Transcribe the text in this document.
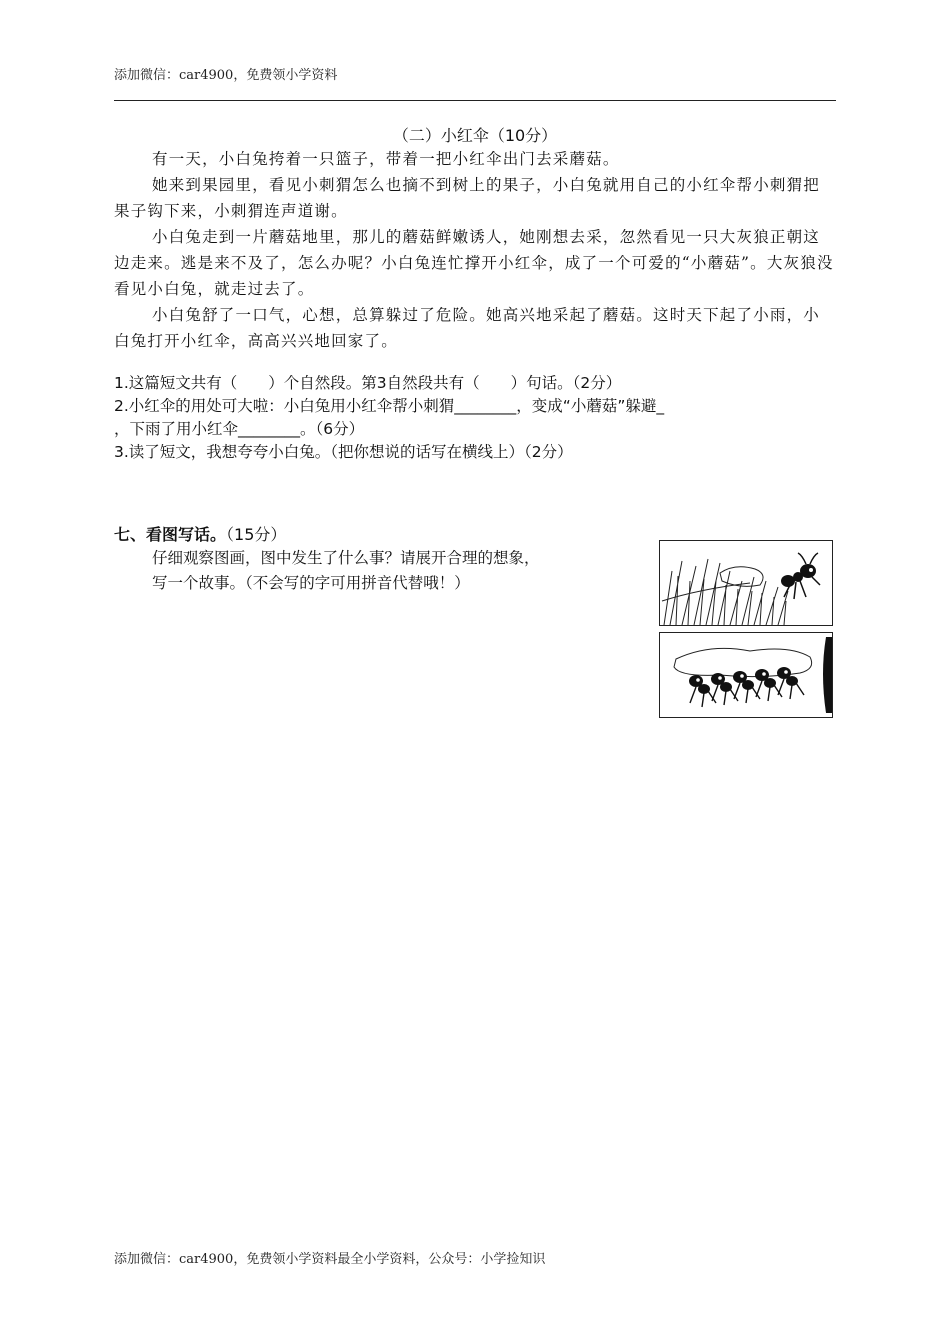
添加微信：car4900，免费领小学资料
（二）小红伞（10分）

有一天，小白兔挎着一只篮子，带着一把小红伞出门去采蘑菇。

她来到果园里，看见小刺猬怎么也摘不到树上的果子，小白兔就用自己的小红伞帮小刺猬把果子钩下来，小刺猬连声道谢。

小白兔走到一片蘑菇地里，那儿的蘑菇鲜嫩诱人，她刚想去采，忽然看见一只大灰狼正朝这边走来。逃是来不及了，怎么办呢？小白兔连忙撑开小红伞，成了一个可爱的“小蘑菇”。大灰狼没看见小白兔，就走过去了。

小白兔舒了一口气，心想，总算躲过了危险。她高兴地采起了蘑菇。这时天下起了小雨，小白兔打开小红伞，高高兴兴地回家了。

1.这篇短文共有（　　）个自然段。第3自然段共有（　　）句话。（2分）
2.小红伞的用处可大啦：小白兔用小红伞帮小刺猬________，变成“小蘑菇”躲避_
，下雨了用小红伞________。（6分）
3.读了短文，我想夸夸小白兔。（把你想说的话写在横线上）（2分）
七、看图写话。（15分）
仔细观察图画，图中发生了什么事？请展开合理的想象，
写一个故事。（不会写的字可用拼音代替哦！）
添加微信：car4900，免费领小学资料最全小学资料，公众号：小学捡知识
